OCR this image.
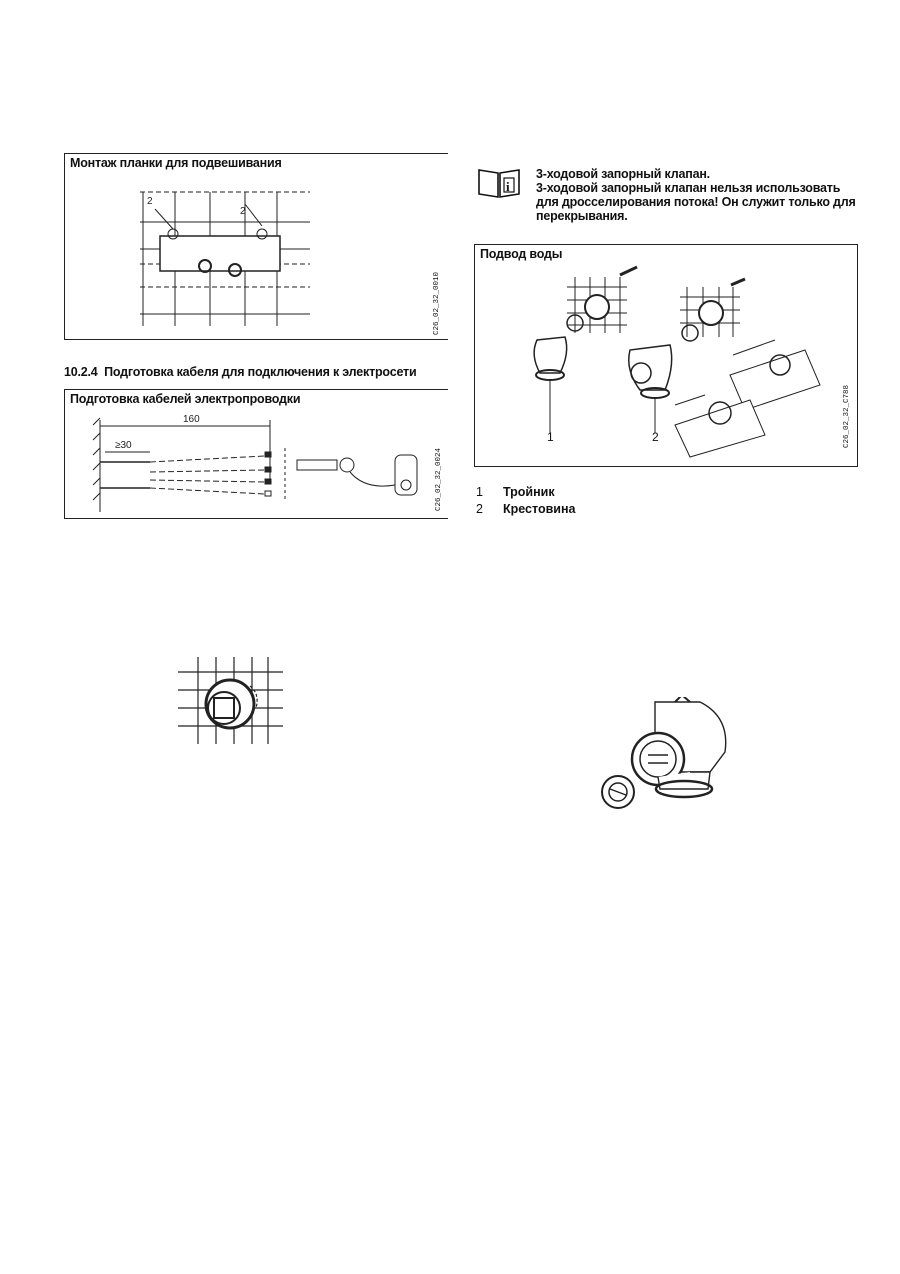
Монтаж планки для подвешивания
2
2
C26_02_32_0010
10.2.4 Подготовка кабеля для подключения к электросети
Подготовка кабелей электропроводки
160
≥30
C26_02_32_0024
i
3-ходовой запорный клапан.
3-ходовой запорный клапан нельзя использовать
для дросселирования потока! Он служит только для
перекрывания.
Подвод воды
1	2	C26_02_32_C788
1 Тройник
2 Крестовина
